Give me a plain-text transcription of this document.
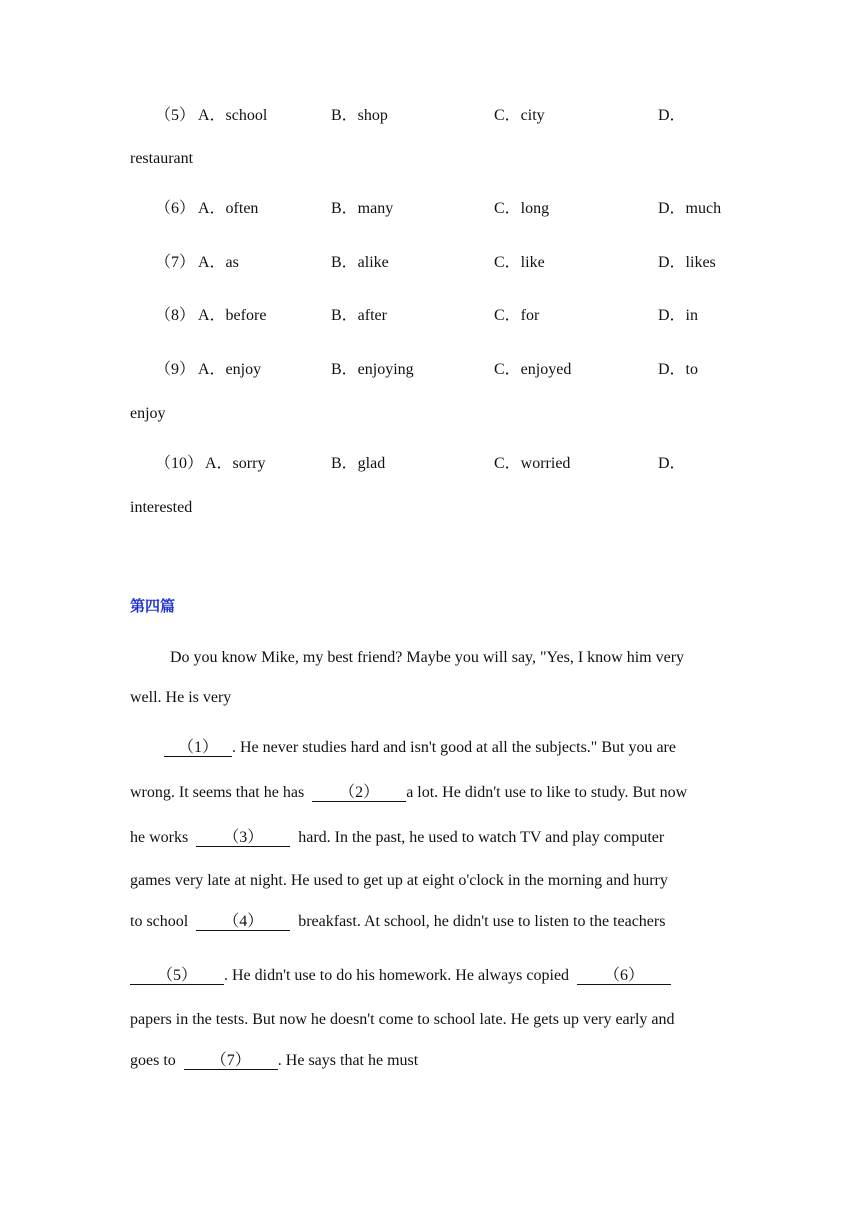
（5） A．school	B．shop	C．city	D．
restaurant
（6） A．often	B．many	C．long	D．much
（7） A．as	B．alike	C．like	D．likes
（8） A．before	B．after	C．for	D．in
（9） A．enjoy	B．enjoying	C．enjoyed	D．to
enjoy
（10） A．sorry	B．glad	C．worried	D．
interested
第四篇
Do you know Mike, my best friend? Maybe you will say, "Yes, I know him very
well. He is very
（1） . He never studies hard and isn't good at all the subjects." But you are
wrong. It seems that he has （2） a lot. He didn't use to like to study. But now
he works （3） hard. In the past, he used to watch TV and play computer
games very late at night. He used to get up at eight o'clock in the morning and hurry
to school （4） breakfast. At school, he didn't use to listen to the teachers
（5） . He didn't use to do his homework. He always copied （6）
papers in the tests. But now he doesn't come to school late. He gets up very early and
goes to （7） . He says that he must
